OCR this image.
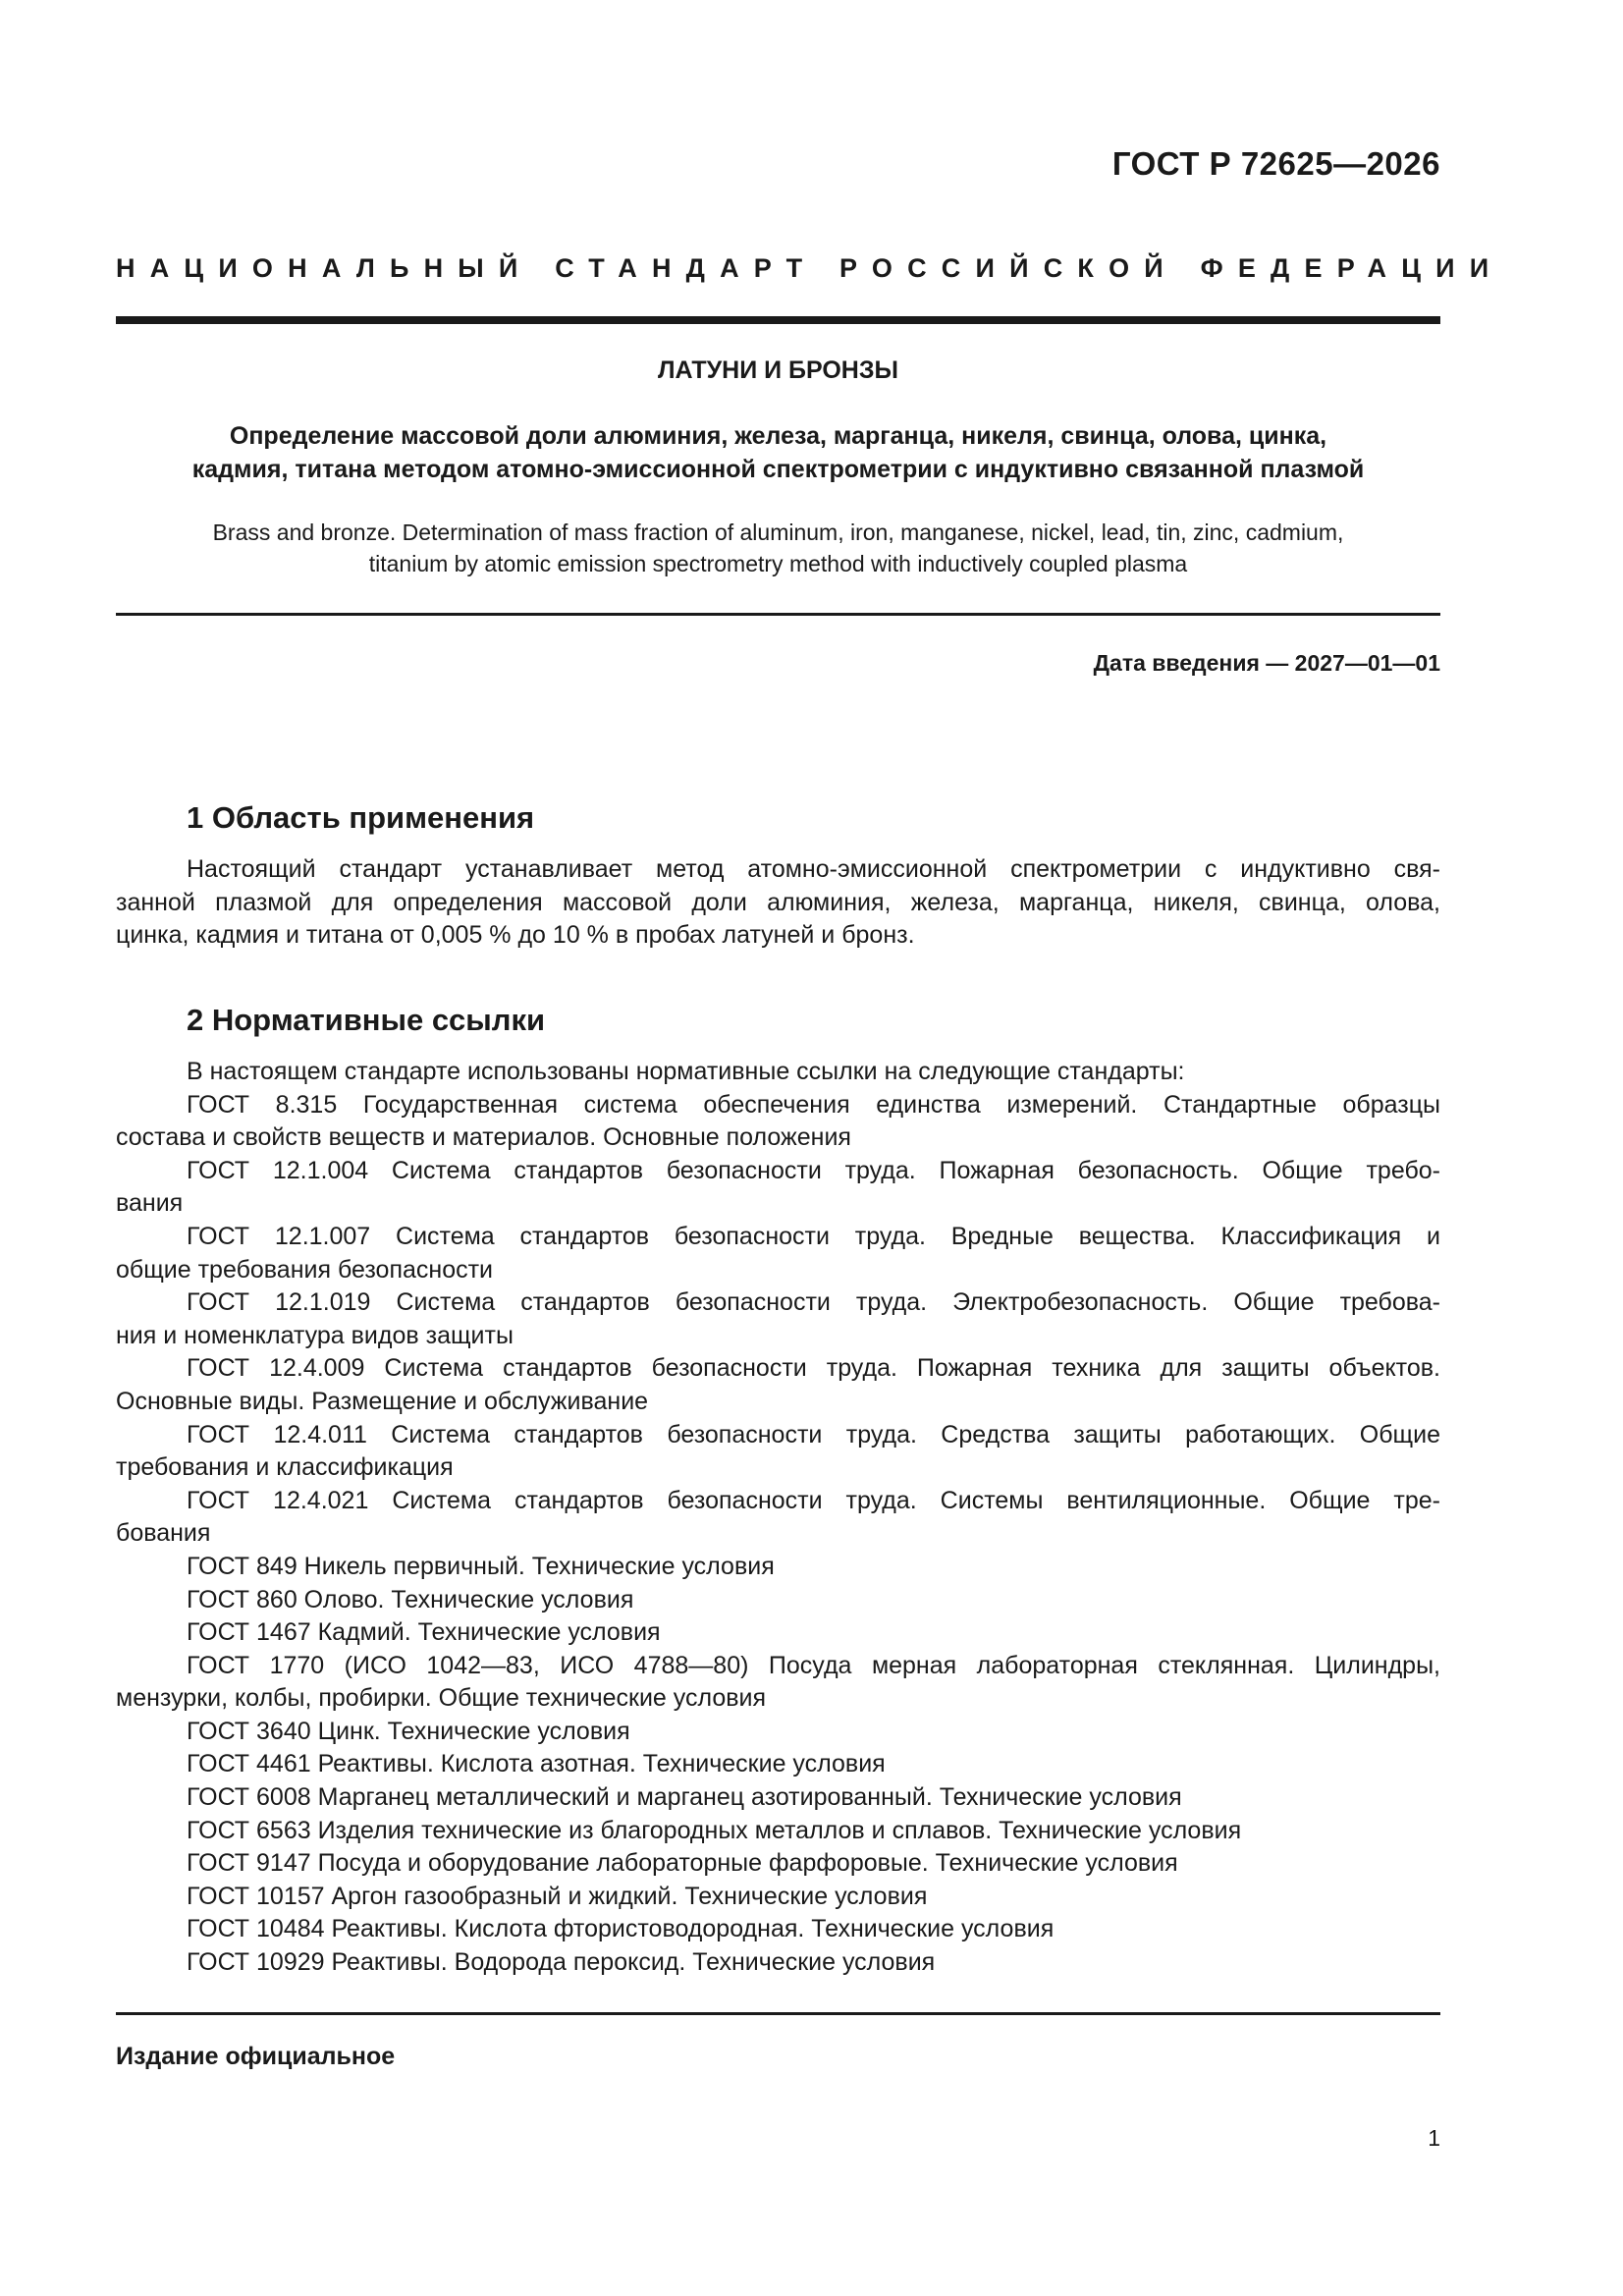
ГОСТ Р 72625—2026
НАЦИОНАЛЬНЫЙ СТАНДАРТ РОССИЙСКОЙ ФЕДЕРАЦИИ
ЛАТУНИ И БРОНЗЫ
Определение массовой доли алюминия, железа, марганца, никеля, свинца, олова, цинка,
кадмия, титана методом атомно-эмиссионной спектрометрии с индуктивно связанной плазмой
Brass and bronze. Determination of mass fraction of aluminum, iron, manganese, nickel, lead, tin, zinc, cadmium,
titanium by atomic emission spectrometry method with inductively coupled plasma
Дата введения — 2027—01—01
1 Область применения
Настоящий стандарт устанавливает метод атомно-эмиссионной спектрометрии с индуктивно свя-
занной плазмой для определения массовой доли алюминия, железа, марганца, никеля, свинца, олова,
цинка, кадмия и титана от 0,005 % до 10 % в пробах латуней и бронз.
2 Нормативные ссылки
В настоящем стандарте использованы нормативные ссылки на следующие стандарты:
ГОСТ 8.315 Государственная система обеспечения единства измерений. Стандартные образцы
состава и свойств веществ и материалов. Основные положения
ГОСТ 12.1.004 Система стандартов безопасности труда. Пожарная безопасность. Общие требо-
вания
ГОСТ 12.1.007 Система стандартов безопасности труда. Вредные вещества. Классификация и
общие требования безопасности
ГОСТ 12.1.019 Система стандартов безопасности труда. Электробезопасность. Общие требова-
ния и номенклатура видов защиты
ГОСТ 12.4.009 Система стандартов безопасности труда. Пожарная техника для защиты объектов.
Основные виды. Размещение и обслуживание
ГОСТ 12.4.011 Система стандартов безопасности труда. Средства защиты работающих. Общие
требования и классификация
ГОСТ 12.4.021 Система стандартов безопасности труда. Системы вентиляционные. Общие тре-
бования
ГОСТ 849 Никель первичный. Технические условия
ГОСТ 860 Олово. Технические условия
ГОСТ 1467 Кадмий. Технические условия
ГОСТ 1770 (ИСО 1042—83, ИСО 4788—80) Посуда мерная лабораторная стеклянная. Цилиндры,
мензурки, колбы, пробирки. Общие технические условия
ГОСТ 3640 Цинк. Технические условия
ГОСТ 4461 Реактивы. Кислота азотная. Технические условия
ГОСТ 6008 Марганец металлический и марганец азотированный. Технические условия
ГОСТ 6563 Изделия технические из благородных металлов и сплавов. Технические условия
ГОСТ 9147 Посуда и оборудование лабораторные фарфоровые. Технические условия
ГОСТ 10157 Аргон газообразный и жидкий. Технические условия
ГОСТ 10484 Реактивы. Кислота фтористоводородная. Технические условия
ГОСТ 10929 Реактивы. Водорода пероксид. Технические условия
Издание официальное
1
